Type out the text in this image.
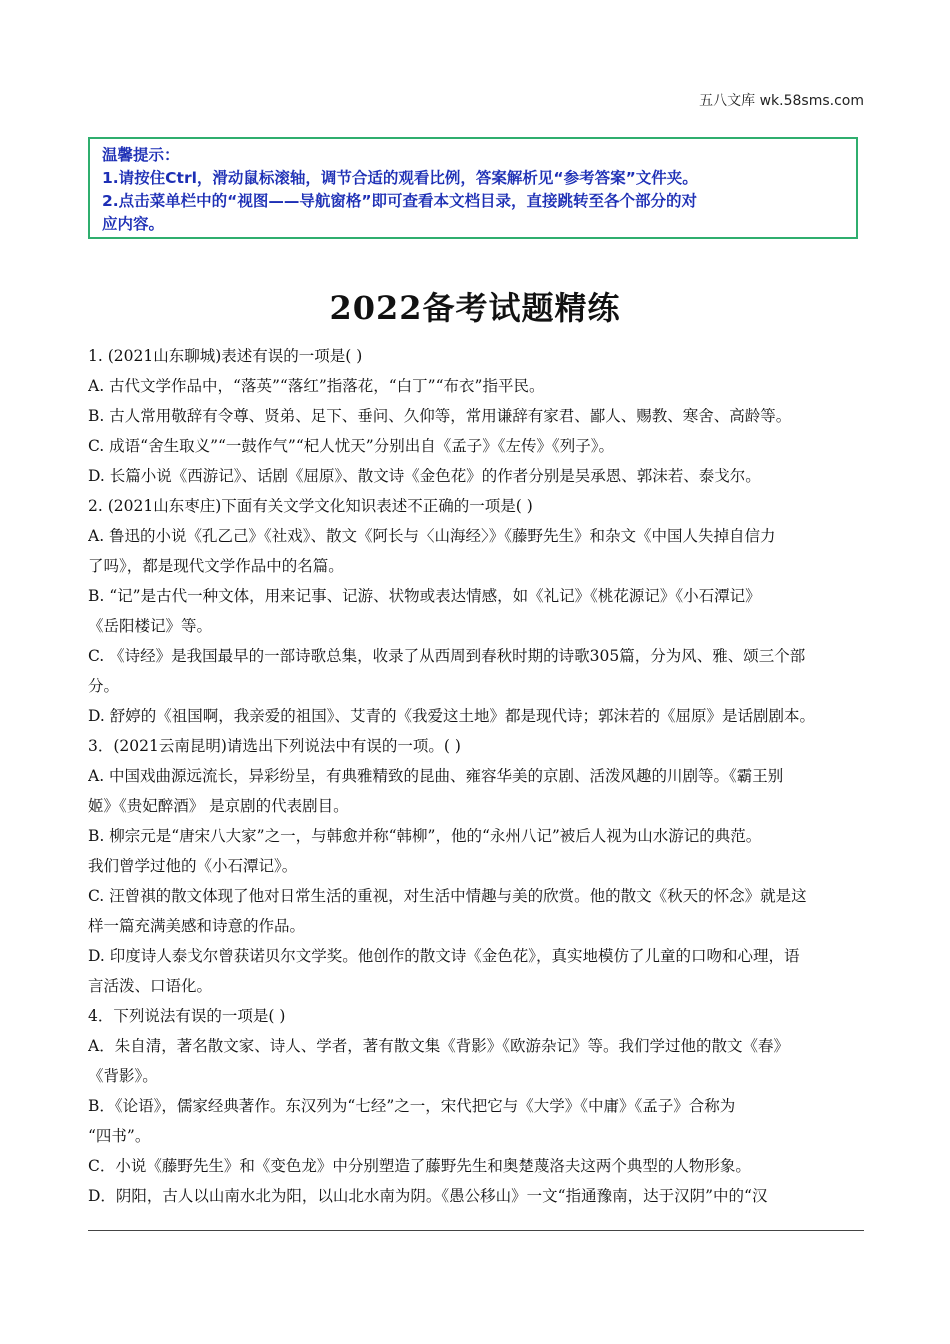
五八文库 wk.58sms.com
温馨提示：
1.请按住Ctrl，滑动鼠标滚轴，调节合适的观看比例，答案解析见“参考答案”文件夹。
2.点击菜单栏中的“视图——导航窗格”即可查看本文档目录，直接跳转至各个部分的对
应内容。
2022备考试题精练
1. (2021山东聊城)表述有误的一项是( )
A. 古代文学作品中，“落英”“落红”指落花，“白丁”“布衣”指平民。
B. 古人常用敬辞有令尊、贤弟、足下、垂问、久仰等，常用谦辞有家君、鄙人、赐教、寒舍、高龄等。
C. 成语“舍生取义”“一鼓作气”“杞人忧天”分别出自《孟子》《左传》《列子》。
D. 长篇小说《西游记》、话剧《屈原》、散文诗《金色花》的作者分别是吴承恩、郭沫若、泰戈尔。
2. (2021山东枣庄)下面有关文学文化知识表述不正确的一项是( )
A. 鲁迅的小说《孔乙己》《社戏》、散文《阿长与〈山海经〉》《藤野先生》和杂文《中国人失掉自信力
了吗》，都是现代文学作品中的名篇。
B. “记”是古代一种文体，用来记事、记游、状物或表达情感，如《礼记》《桃花源记》《小石潭记》
《岳阳楼记》等。
C. 《诗经》是我国最早的一部诗歌总集，收录了从西周到春秋时期的诗歌305篇，分为风、雅、颂三个部
分。
D. 舒婷的《祖国啊，我亲爱的祖国》、艾青的《我爱这土地》都是现代诗；郭沫若的《屈原》是话剧剧本。
3．(2021云南昆明)请选出下列说法中有误的一项。( )
A. 中国戏曲源远流长，异彩纷呈，有典雅精致的昆曲、雍容华美的京剧、活泼风趣的川剧等。《霸王别
姬》《贵妃醉酒》 是京剧的代表剧目。
B. 柳宗元是“唐宋八大家”之一，与韩愈并称“韩柳”，他的“永州八记”被后人视为山水游记的典范。
我们曾学过他的《小石潭记》。
C. 汪曾祺的散文体现了他对日常生活的重视，对生活中情趣与美的欣赏。他的散文《秋天的怀念》就是这
样一篇充满美感和诗意的作品。
D. 印度诗人泰戈尔曾获诺贝尔文学奖。他创作的散文诗《金色花》，真实地模仿了儿童的口吻和心理，语
言活泼、口语化。
4．下列说法有误的一项是( )
A．朱自清，著名散文家、诗人、学者，著有散文集《背影》《欧游杂记》等。我们学过他的散文《春》
《背影》。
B．《论语》，儒家经典著作。东汉列为“七经”之一，宋代把它与《大学》《中庸》《孟子》合称为
“四书”。
C．小说《藤野先生》和《变色龙》中分别塑造了藤野先生和奥楚蔑洛夫这两个典型的人物形象。
D．阴阳，古人以山南水北为阳，以山北水南为阴。《愚公移山》一文“指通豫南，达于汉阴”中的“汉
